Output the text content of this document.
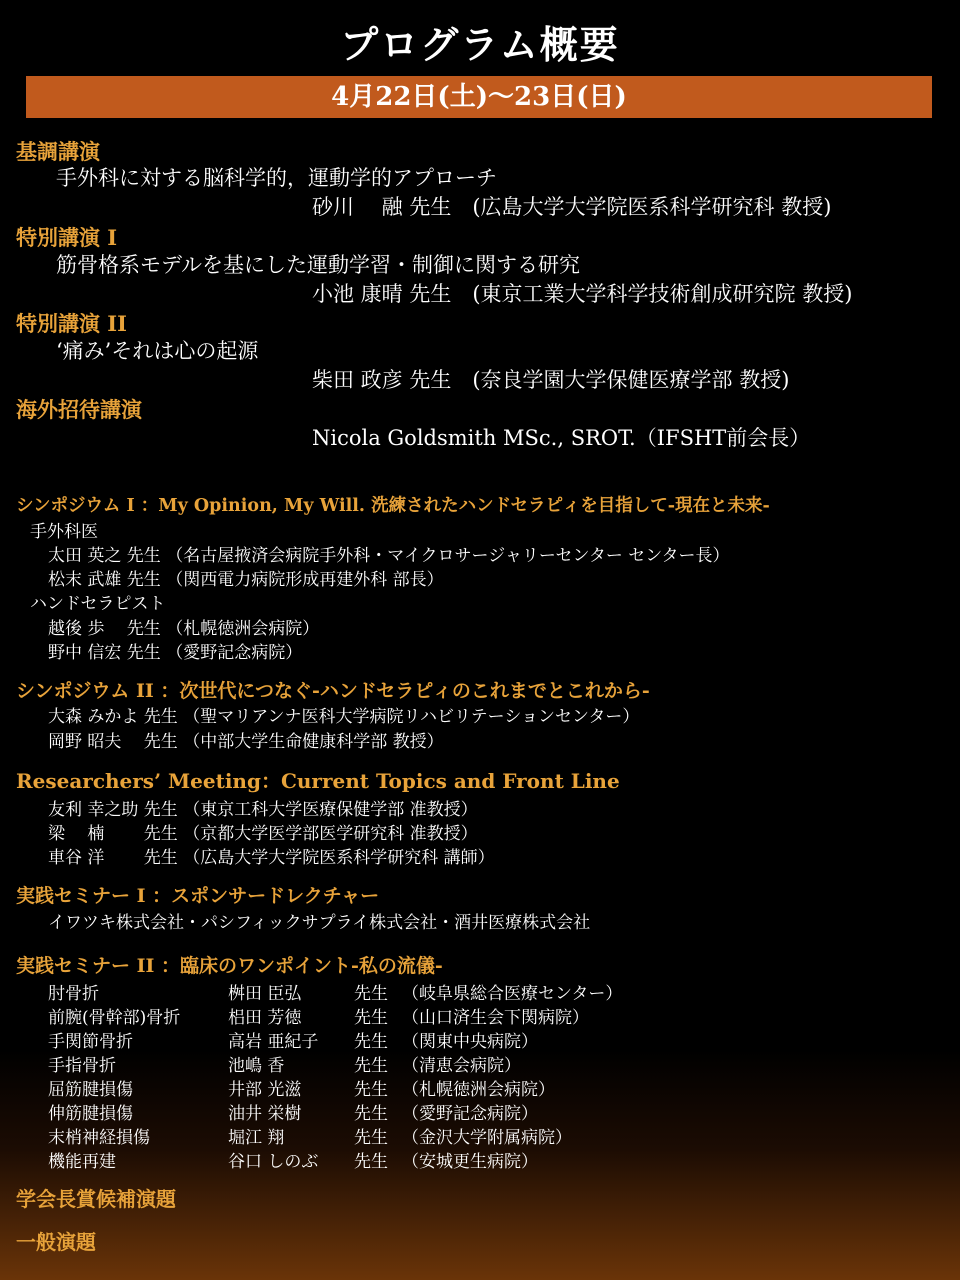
プログラム概要
4月22日(土)〜23日(日)
基調講演
手外科に対する脳科学的，運動学的アプローチ
砂川　 融 先生　(広島大学大学院医系科学研究科 教授)
特別講演 I
筋骨格系モデルを基にした運動学習・制御に関する研究
小池 康晴 先生　(東京工業大学科学技術創成研究院 教授)
特別講演 II
‘痛み’それは心の起源
柴田 政彦 先生　(奈良学園大学保健医療学部 教授)
海外招待講演
Nicola Goldsmith MSc., SROT.（IFSHT前会長）
シンポジウム I ：My Opinion, My Will. 洗練されたハンドセラピィを目指して-現在と未来-
手外科医
太田 英之 先生 （名古屋掖済会病院手外科・マイクロサージャリーセンター センター長）
松末 武雄 先生 （関西電力病院形成再建外科 部長）
ハンドセラピスト
越後 歩　 先生 （札幌徳洲会病院）
野中 信宏 先生 （愛野記念病院）
シンポジウム II ：次世代につなぐ-ハンドセラピィのこれまでとこれから-
大森 みかよ 先生 （聖マリアンナ医科大学病院リハビリテーションセンター）
岡野 昭夫　 先生 （中部大学生命健康科学部 教授）
Researchers’ Meeting：Current Topics and Front Line
友利 幸之助 先生 （東京工科大学医療保健学部 准教授）
梁　 楠　　 先生 （京都大学医学部医学研究科 准教授）
車谷 洋　　 先生 （広島大学大学院医系科学研究科 講師）
実践セミナー I ：スポンサードレクチャー
イワツキ株式会社・パシフィックサプライ株式会社・酒井医療株式会社
実践セミナー II ：臨床のワンポイント-私の流儀-
肘骨折	桝田 臣弘	先生 （岐阜県総合医療センター）
前腕(骨幹部)骨折	梠田 芳徳	先生 （山口済生会下関病院）
手関節骨折	高岩 亜紀子 先生 （関東中央病院）
手指骨折	池嶋 香	先生 （清恵会病院）
屈筋腱損傷	井部 光滋	先生 （札幌徳洲会病院）
伸筋腱損傷	油井 栄樹	先生 （愛野記念病院）
末梢神経損傷	堀江 翔	先生 （金沢大学附属病院）
機能再建	谷口 しのぶ 先生 （安城更生病院）
学会長賞候補演題
一般演題
